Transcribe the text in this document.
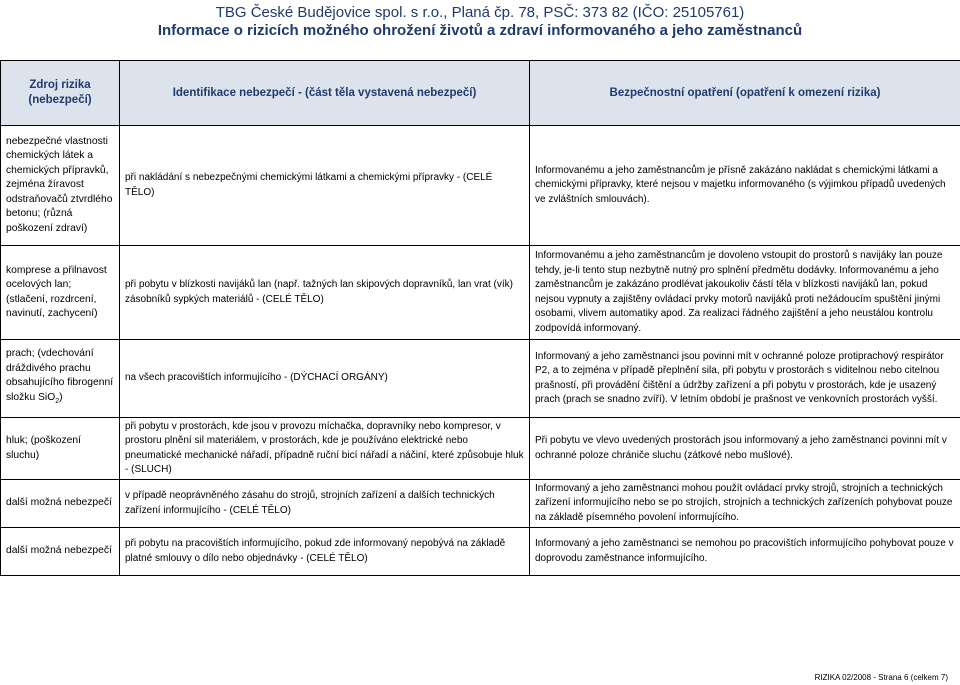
TBG České Budějovice spol. s r.o., Planá čp. 78, PSČ: 373 82 (IČO: 25105761)
Informace o rizicích možného ohrožení životů a zdraví informovaného a jeho zaměstnanců
Zdroj rizika (nebezpečí)	Identifikace nebezpečí - (část těla vystavená nebezpečí)	Bezpečnostní opatření (opatření k omezení rizika)
nebezpečné vlastnosti chemických látek a chemických přípravků, zejména žíravost odstraňovačů ztvrdlého betonu; (různá poškození zdraví)	při nakládání s nebezpečnými chemickými látkami a chemickými přípravky - (CELÉ TĚLO)	Informovanému a jeho zaměstnancům je přísně zakázáno nakládat s chemickými látkami a chemickými přípravky, které nejsou v majetku informovaného (s výjimkou případů uvedených ve zvláštních smlouvách).
komprese a přilnavost ocelových lan; (stlačení, rozdrcení, navinutí, zachycení)	při pobytu v blízkosti navijáků lan (např. tažných lan skipových dopravníků, lan vrat (vík) zásobníků sypkých materiálů - (CELÉ TĚLO)	Informovanému a jeho zaměstnancům je dovoleno vstoupit do prostorů s navijáky lan pouze tehdy, je-li tento stup nezbytně nutný pro splnění předmětu dodávky. Informovanému a jeho zaměstnancům je zakázáno prodlévat jakoukoliv částí těla v blízkosti navijáků lan, pokud nejsou vypnuty a zajištěny ovládací prvky motorů navijáků proti nežádoucím spuštění jinými osobami, vlivem automatiky apod. Za realizaci řádného zajištění a jeho neustálou kontrolu zodpovídá informovaný.
prach; (vdechování dráždivého prachu obsahujícího fibrogenní složku SiO$_2$)	na všech pracovištích informujícího - (DÝCHACÍ ORGÁNY)	Informovaný a jeho zaměstnanci jsou povinni mít v ochranné poloze protiprachový respirátor P2, a to zejména v případě přeplnění sila, při pobytu v prostorách s viditelnou nebo citelnou prašností, při provádění čištění a údržby zařízení a při pobytu v prostorách, kde je usazený prach (prach se snadno zvíří). V letním období je prašnost ve venkovních prostorách vyšší.
hluk; (poškození sluchu)	při pobytu v prostorách, kde jsou v provozu míchačka, dopravníky nebo kompresor, v prostoru plnění sil materiálem, v prostorách, kde je používáno elektrické nebo pneumatické mechanické nářadí, případně ruční bicí nářadí a náčiní, které způsobuje hluk - (SLUCH)	Při pobytu ve vlevo uvedených prostorách jsou informovaný a jeho zaměstnanci povinni mít v ochranné poloze chrániče sluchu (zátkové nebo mušlové).
další možná nebezpečí	v případě neoprávněného zásahu do strojů, strojních zařízení a dalších technických zařízení informujícího - (CELÉ TĚLO)	Informovaný a jeho zaměstnanci mohou použít ovládací prvky strojů, strojních a technických zařízení informujícího nebo se po strojích, strojních a technických zařízeních pohybovat pouze na základě písemného povolení informujícího.
další možná nebezpečí	při pobytu na pracovištích informujícího, pokud zde informovaný nepobývá na základě platné smlouvy o dílo nebo objednávky - (CELÉ TĚLO)	Informovaný a jeho zaměstnanci se nemohou po pracovištích informujícího pohybovat pouze v doprovodu zaměstnance informujícího.
RIZIKA 02/2008 - Strana 6 (celkem 7)
